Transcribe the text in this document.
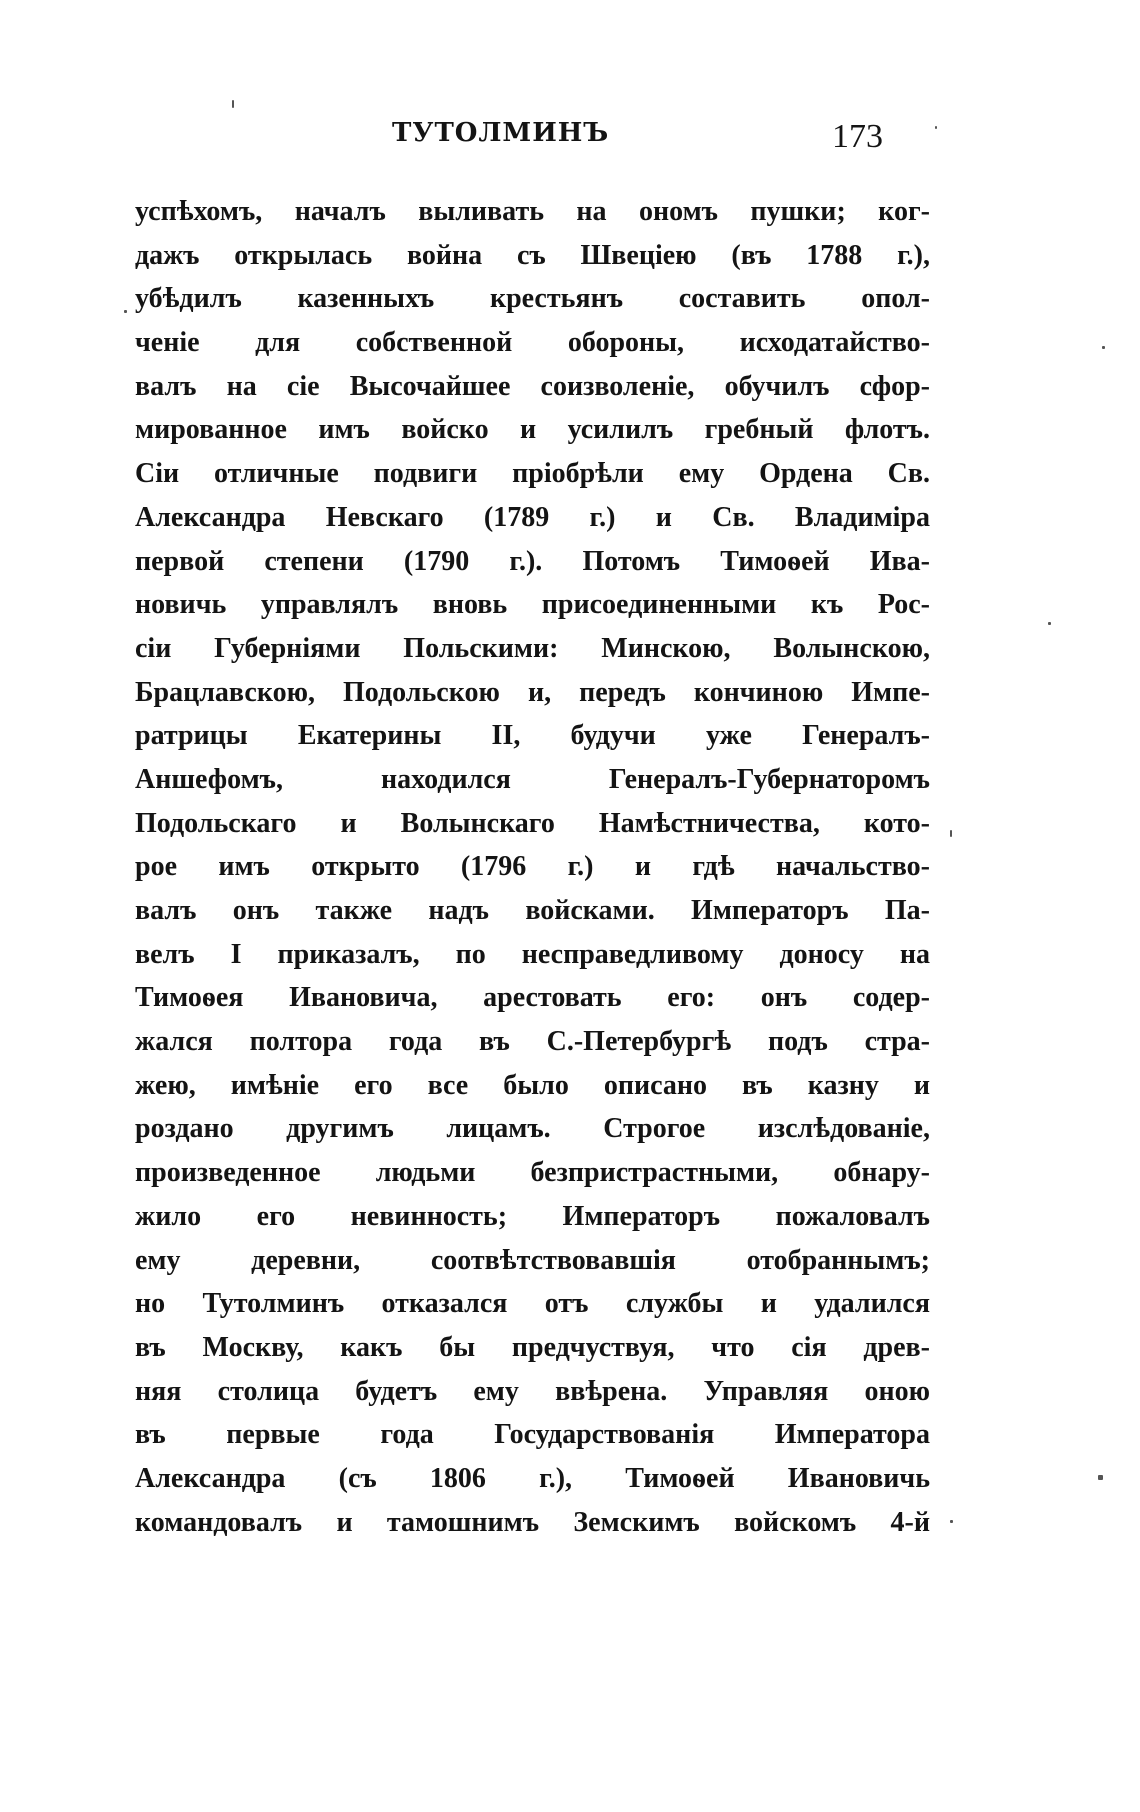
ТУТОЛМИНЪ	173
успѣхомъ, началъ выливать на ономъ пушки; ког-
дажъ открылась война съ Швеціею (въ 1788 г.),
убѣдилъ казенныхъ крестьянъ составить опол-
ченіе для собственной обороны, исходатайство-
валъ на сіе Высочайшее соизволеніе, обучилъ сфор-
мированное имъ войско и усилилъ гребный флотъ.
Сіи отличные подвиги пріобрѣли ему Ордена Св.
Александра Невскаго (1789 г.) и Св. Владиміра
первой степени (1790 г.). Потомъ Тимоѳей Ива-
новичь управлялъ вновь присоединенными къ Рос-
сіи Губерніями Польскими: Минскою, Волынскою,
Брацлавскою, Подольскою и, передъ кончиною Импе-
ратрицы Екатерины II, будучи уже Генералъ-
Аншефомъ, находился Генералъ-Губернаторомъ
Подольскаго и Волынскаго Намѣстничества, кото-
рое имъ открыто (1796 г.) и гдѣ начальство-
валъ онъ также надъ войсками. Императоръ Па-
велъ I приказалъ, по несправедливому доносу на
Тимоѳея Ивановича, арестовать его: онъ содер-
жался полтора года въ С.-Петербургѣ подъ стра-
жею, имѣніе его все было описано въ казну и
роздано другимъ лицамъ. Строгое изслѣдованіе,
произведенное людьми безпристрастными, обнару-
жило его невинность; Императоръ пожаловалъ
ему деревни, соотвѣтствовавшія отобраннымъ;
но Тутолминъ отказался отъ службы и удалился
въ Москву, какъ бы предчуствуя, что сія древ-
няя столица будетъ ему ввѣрена. Управляя оною
въ первые года Государствованія Императора
Александра (съ 1806 г.), Тимоѳей Ивановичь
командовалъ и тамошнимъ Земскимъ войскомъ 4-й
